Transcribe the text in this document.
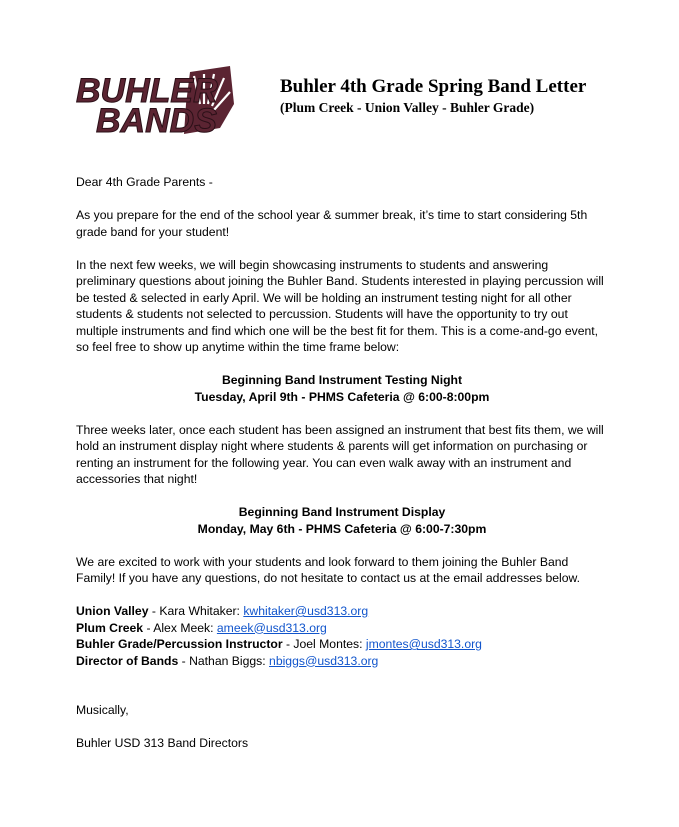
BUHLER
BANDS
Buhler 4th Grade Spring Band Letter
(Plum Creek - Union Valley - Buhler Grade)

Dear 4th Grade Parents -

As you prepare for the end of the school year & summer break, it’s time to start considering 5th grade band for your student!

In the next few weeks, we will begin showcasing instruments to students and answering preliminary questions about joining the Buhler Band. Students interested in playing percussion will be tested & selected in early April. We will be holding an instrument testing night for all other students & students not selected to percussion. Students will have the opportunity to try out multiple instruments and find which one will be the best fit for them. This is a come-and-go event, so feel free to show up anytime within the time frame below:

Beginning Band Instrument Testing Night

Tuesday, April 9th - PHMS Cafeteria @ 6:00-8:00pm

Three weeks later, once each student has been assigned an instrument that best fits them, we will hold an instrument display night where students & parents will get information on purchasing or renting an instrument for the following year. You can even walk away with an instrument and accessories that night!

Beginning Band Instrument Display

Monday, May 6th - PHMS Cafeteria @ 6:00-7:30pm

We are excited to work with your students and look forward to them joining the Buhler Band Family! If you have any questions, do not hesitate to contact us at the email addresses below.

Union Valley - Kara Whitaker: kwhitaker@usd313.org

Plum Creek - Alex Meek: ameek@usd313.org

Buhler Grade/Percussion Instructor - Joel Montes: jmontes@usd313.org

Director of Bands - Nathan Biggs: nbiggs@usd313.org

Musically,

Buhler USD 313 Band Directors
